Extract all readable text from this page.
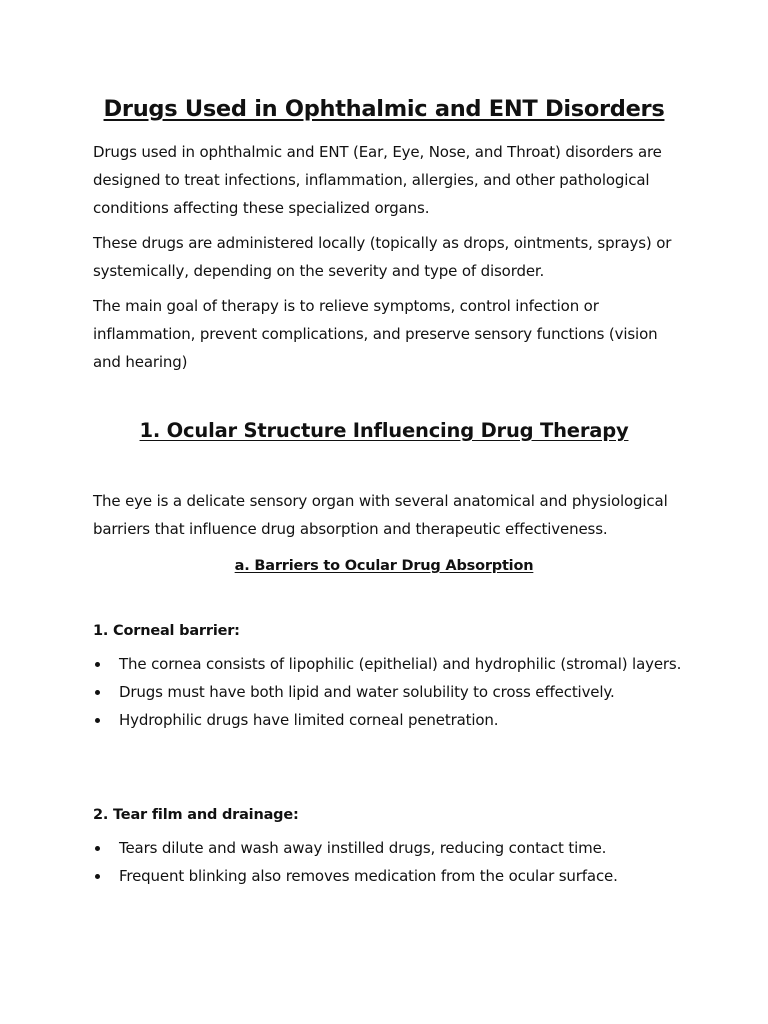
Drugs Used in Ophthalmic and ENT Disorders

Drugs used in ophthalmic and ENT (Ear, Eye, Nose, and Throat) disorders are designed to treat infections, inflammation, allergies, and other pathological conditions affecting these specialized organs.

These drugs are administered locally (topically as drops, ointments, sprays) or systemically, depending on the severity and type of disorder.

The main goal of therapy is to relieve symptoms, control infection or inflammation, prevent complications, and preserve sensory functions (vision and hearing)

1. Ocular Structure Influencing Drug Therapy

The eye is a delicate sensory organ with several anatomical and physiological barriers that influence drug absorption and therapeutic effectiveness.

a. Barriers to Ocular Drug Absorption
1. Corneal barrier:
The cornea consists of lipophilic (epithelial) and hydrophilic (stromal) layers.
Drugs must have both lipid and water solubility to cross effectively.
Hydrophilic drugs have limited corneal penetration.
2. Tear film and drainage:
Tears dilute and wash away instilled drugs, reducing contact time.
Frequent blinking also removes medication from the ocular surface.
